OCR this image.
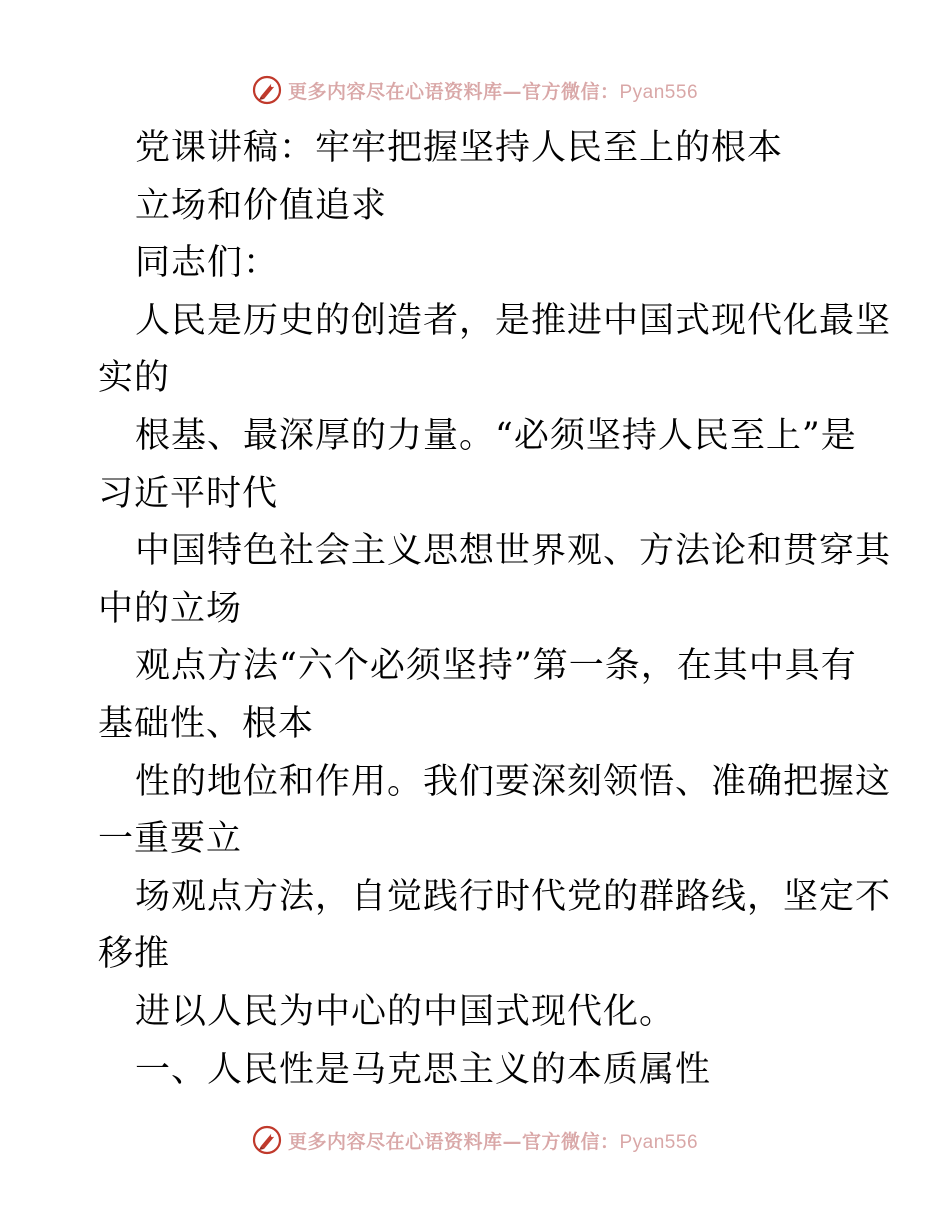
更多内容尽在心语资料库—官方微信：Pyan556
党课讲稿：牢牢把握坚持人民至上的根本
立场和价值追求
同志们：
人民是历史的创造者，是推进中国式现代化最坚
实的
根基、最深厚的力量。“必须坚持人民至上”是
习近平时代
中国特色社会主义思想世界观、方法论和贯穿其
中的立场
观点方法“六个必须坚持”第一条，在其中具有
基础性、根本
性的地位和作用。我们要深刻领悟、准确把握这
一重要立
场观点方法，自觉践行时代党的群路线，坚定不
移推
进以人民为中心的中国式现代化。
一、人民性是马克思主义的本质属性
更多内容尽在心语资料库—官方微信：Pyan556
